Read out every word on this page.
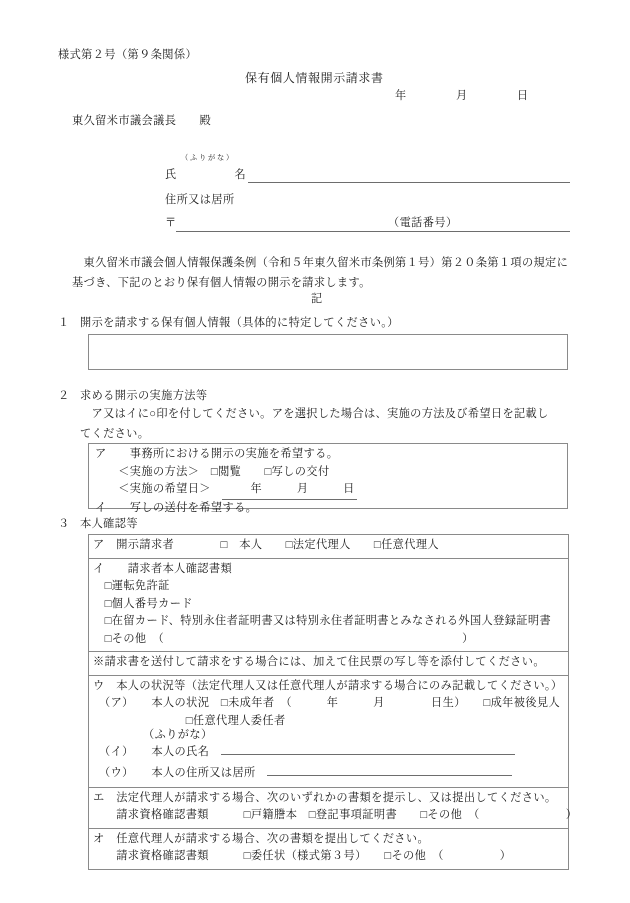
様式第２号（第９条関係）
保有個人情報開示請求書
年　　　　月　　　　日
東久留米市議会議長　　殿
（ふりがな）
氏　　　　　名
住所又は居所
〒	（電話番号）
　東久留米市議会個人情報保護条例（令和５年東久留米市条例第１号）第２０条第１項の規定に
基づき、下記のとおり保有個人情報の開示を請求します。
記
１ 開示を請求する保有個人情報（具体的に特定してください。）
２ 求める開示の実施方法等
　ア又はイに○印を付してください。アを選択した場合は、実施の方法及び希望日を記載し
てください。
ア　　 事務所における開示の実施を希望する。
　　＜実施の方法＞　 □閲覧　　 □写しの交付
　　＜実施の希望日＞　	年　　　月　　　日
イ　　 写しの送付を希望する。
３ 本人確認等
ア　 開示請求者　　　　	□　本人　　 □法定代理人　　 □任意代理人

イ　　 請求者本人確認書類
　□運転免許証
　□個人番号カード
　□在留カード、特別永住者証明書又は特別永住者証明書とみなされる外国人登録証明書
　□その他　（	）

※請求書を送付して請求をする場合には、加えて住民票の写し等を添付してください。

ウ　 本人の状況等（法定代理人又は任意代理人が請求する場合にのみ記載してください。）
　（ア）　　 本人の状況　 □未成年者　（　　　	年　　　月　　　　日生）　　 □成年被後見人
　　　　　　　　□任意代理人委任者
（ふりがな）
　（イ）　　 本人の氏名　
　（ウ）　　 本人の住所又は居所　

エ　 法定代理人が請求する場合、次のいずれかの書類を提示し、又は提出してください。
　　請求資格確認書類　　　	□戸籍謄本　 □登記事項証明書　　 □その他　（	）

オ　 任意代理人が請求する場合、次の書類を提出してください。
　　請求資格確認書類　　　	□委任状（様式第３号）　　 □その他　（	）
